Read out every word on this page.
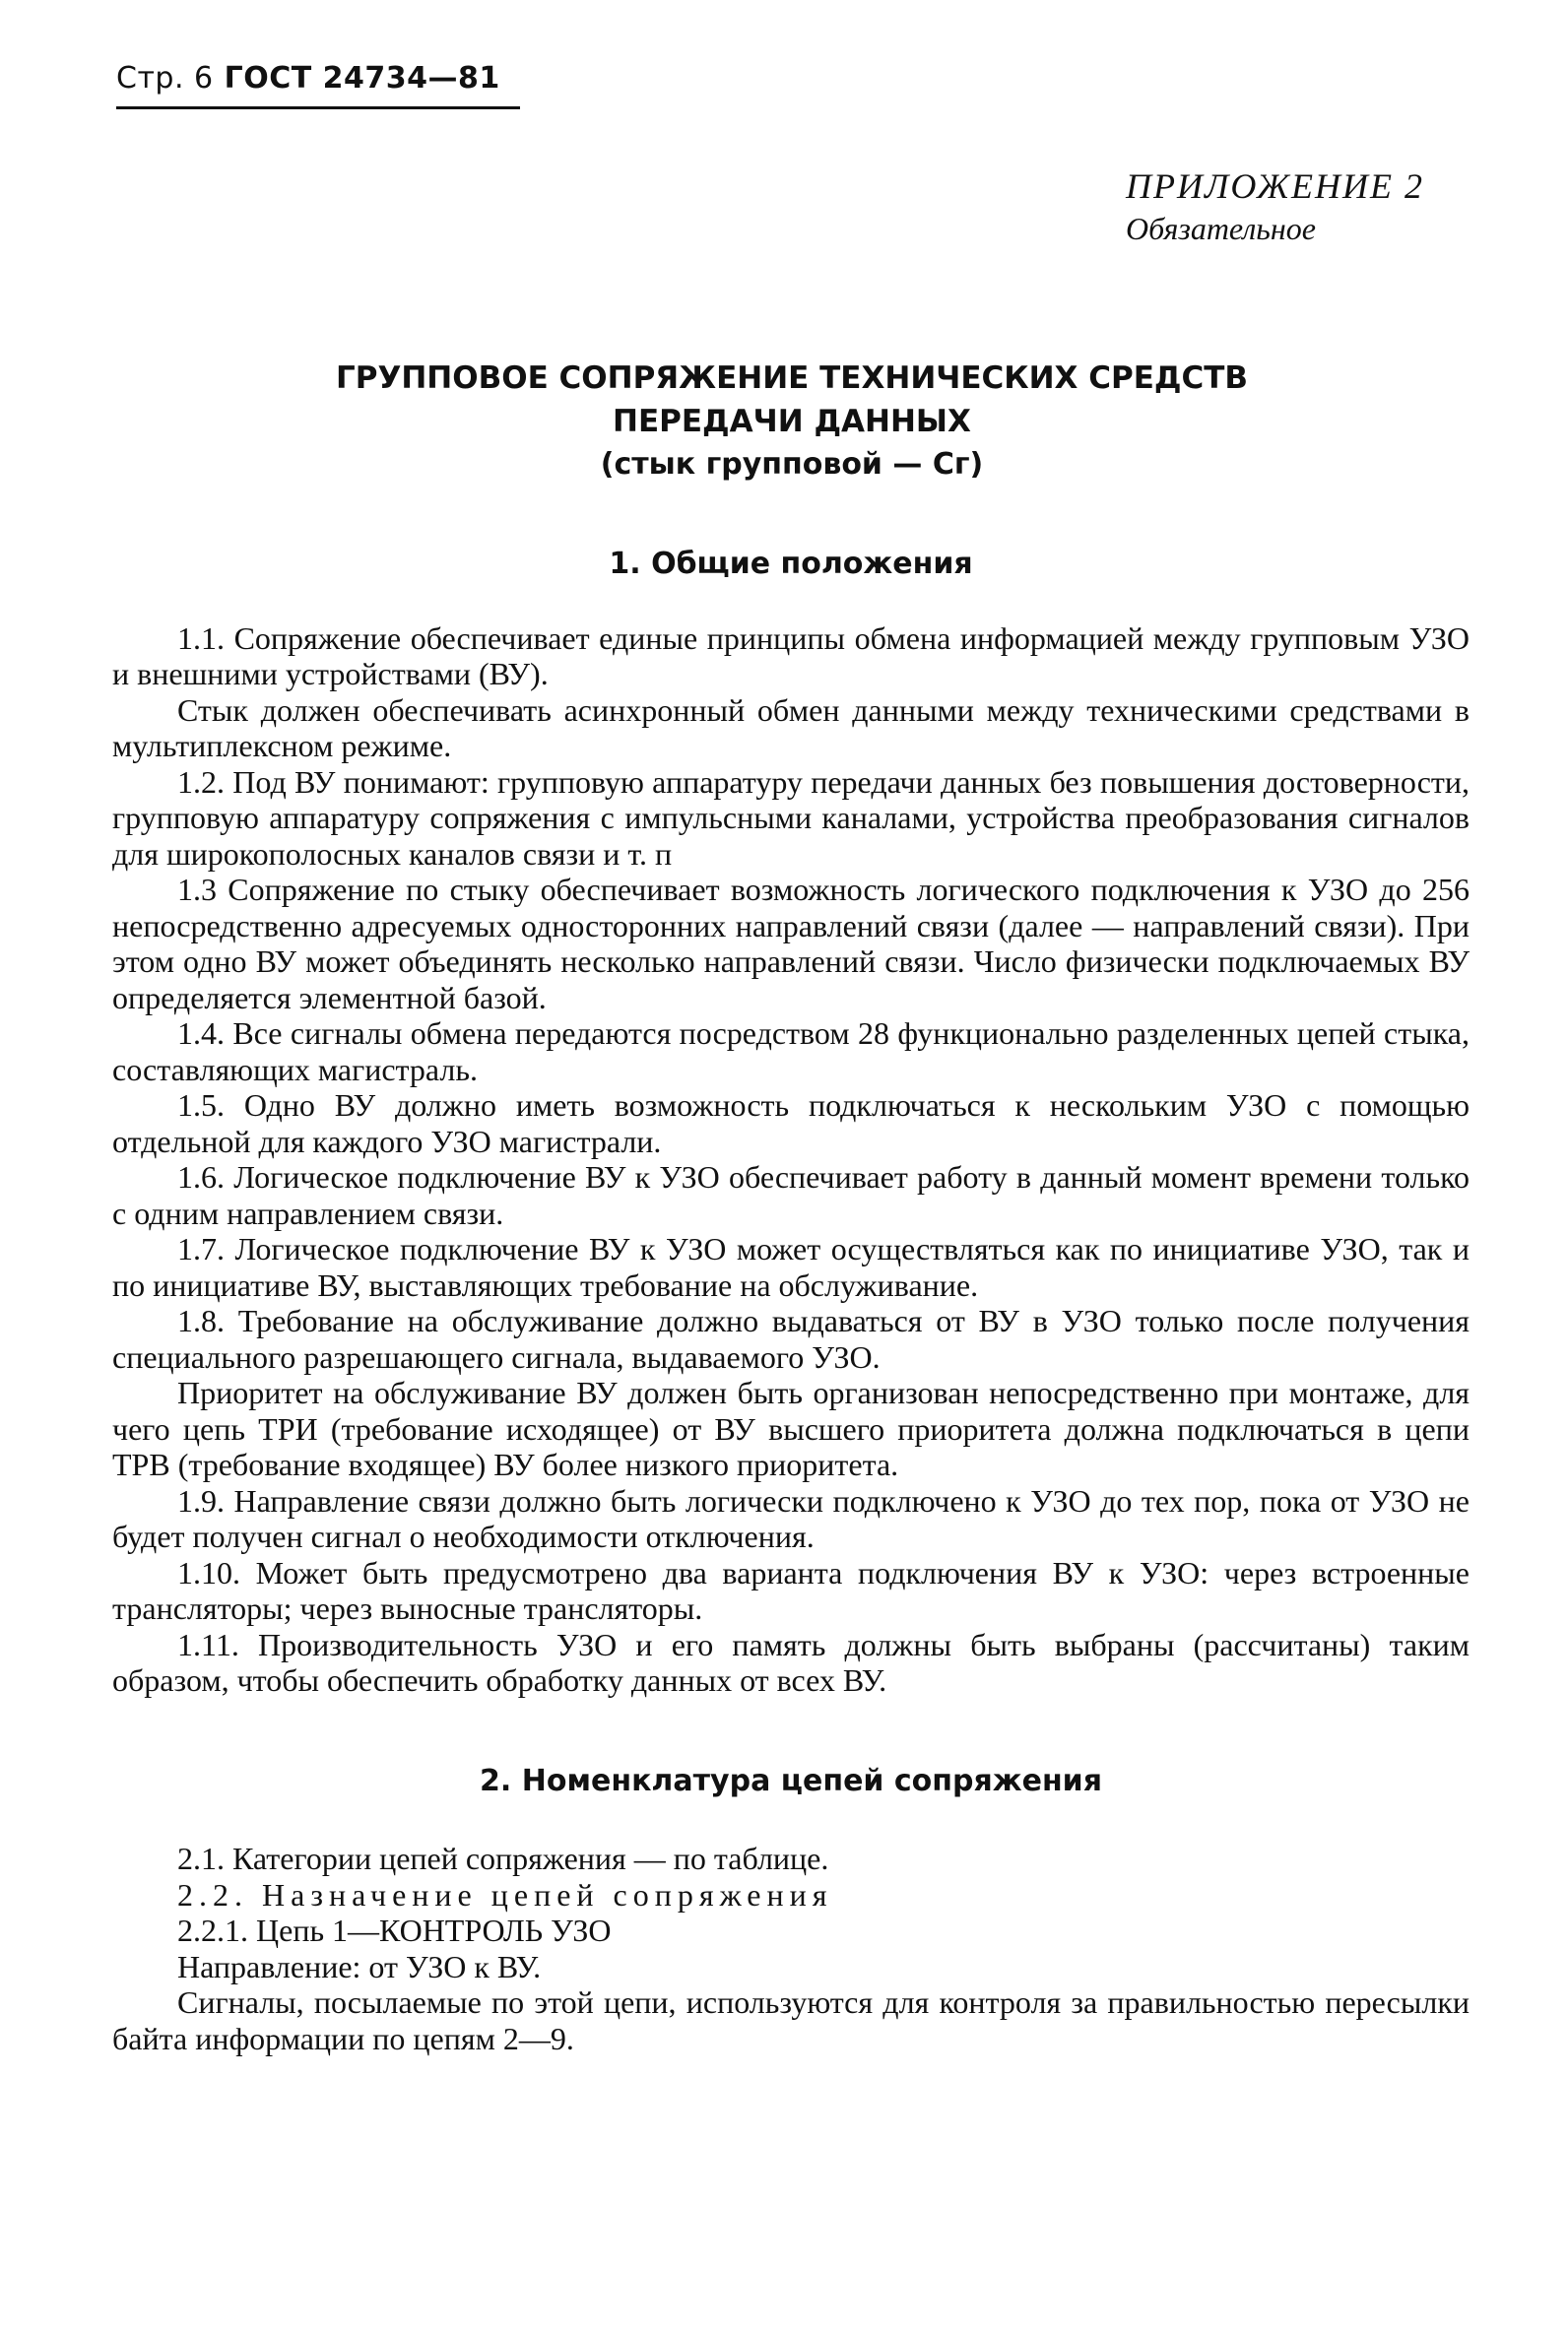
Стр. 6 ГОСТ 24734—81
ПРИЛОЖЕНИЕ 2
Обязательное
ГРУППОВОЕ СОПРЯЖЕНИЕ ТЕХНИЧЕСКИХ СРЕДСТВ
ПЕРЕДАЧИ ДАННЫХ
(стык групповой — Сг)
1. Общие положения

1.1. Сопряжение обеспечивает единые принципы обмена информацией между групповым УЗО и внешними устройствами (ВУ).

Стык должен обеспечивать асинхронный обмен данными между техническими средствами в мультиплексном режиме.

1.2. Под ВУ понимают: групповую аппаратуру передачи данных без повышения достоверности, групповую аппаратуру сопряжения с импульсными каналами, устройства преобразования сигналов для широкополосных каналов связи и т. п

1.3 Сопряжение по стыку обеспечивает возможность логического подключения к УЗО до 256 непосредственно адресуемых односторонних направлений связи (далее — направлений связи). При этом одно ВУ может объединять несколько направлений связи. Число физически подключаемых ВУ определяется элементной базой.

1.4. Все сигналы обмена передаются посредством 28 функционально разделенных цепей стыка, составляющих магистраль.

1.5. Одно ВУ должно иметь возможность подключаться к нескольким УЗО с помощью отдельной для каждого УЗО магистрали.

1.6. Логическое подключение ВУ к УЗО обеспечивает работу в данный момент времени только с одним направлением связи.

1.7. Логическое подключение ВУ к УЗО может осуществляться как по инициативе УЗО, так и по инициативе ВУ, выставляющих требование на обслуживание.

1.8. Требование на обслуживание должно выдаваться от ВУ в УЗО только после получения специального разрешающего сигнала, выдаваемого УЗО.

Приоритет на обслуживание ВУ должен быть организован непосредственно при монтаже, для чего цепь ТРИ (требование исходящее) от ВУ высшего приоритета должна подключаться в цепи ТРВ (требование входящее) ВУ более низкого приоритета.

1.9. Направление связи должно быть логически подключено к УЗО до тех пор, пока от УЗО не будет получен сигнал о необходимости отключения.

1.10. Может быть предусмотрено два варианта подключения ВУ к УЗО: через встроенные трансляторы; через выносные трансляторы.

1.11. Производительность УЗО и его память должны быть выбраны (рассчитаны) таким образом, чтобы обеспечить обработку данных от всех ВУ.

2. Номенклатура цепей сопряжения

2.1. Категории цепей сопряжения — по таблице.

2.2. Назначение цепей сопряжения

2.2.1. Цепь 1—КОНТРОЛЬ УЗО

Направление: от УЗО к ВУ.

Сигналы, посылаемые по этой цепи, используются для контроля за правильностью пересылки байта информации по цепям 2—9.
